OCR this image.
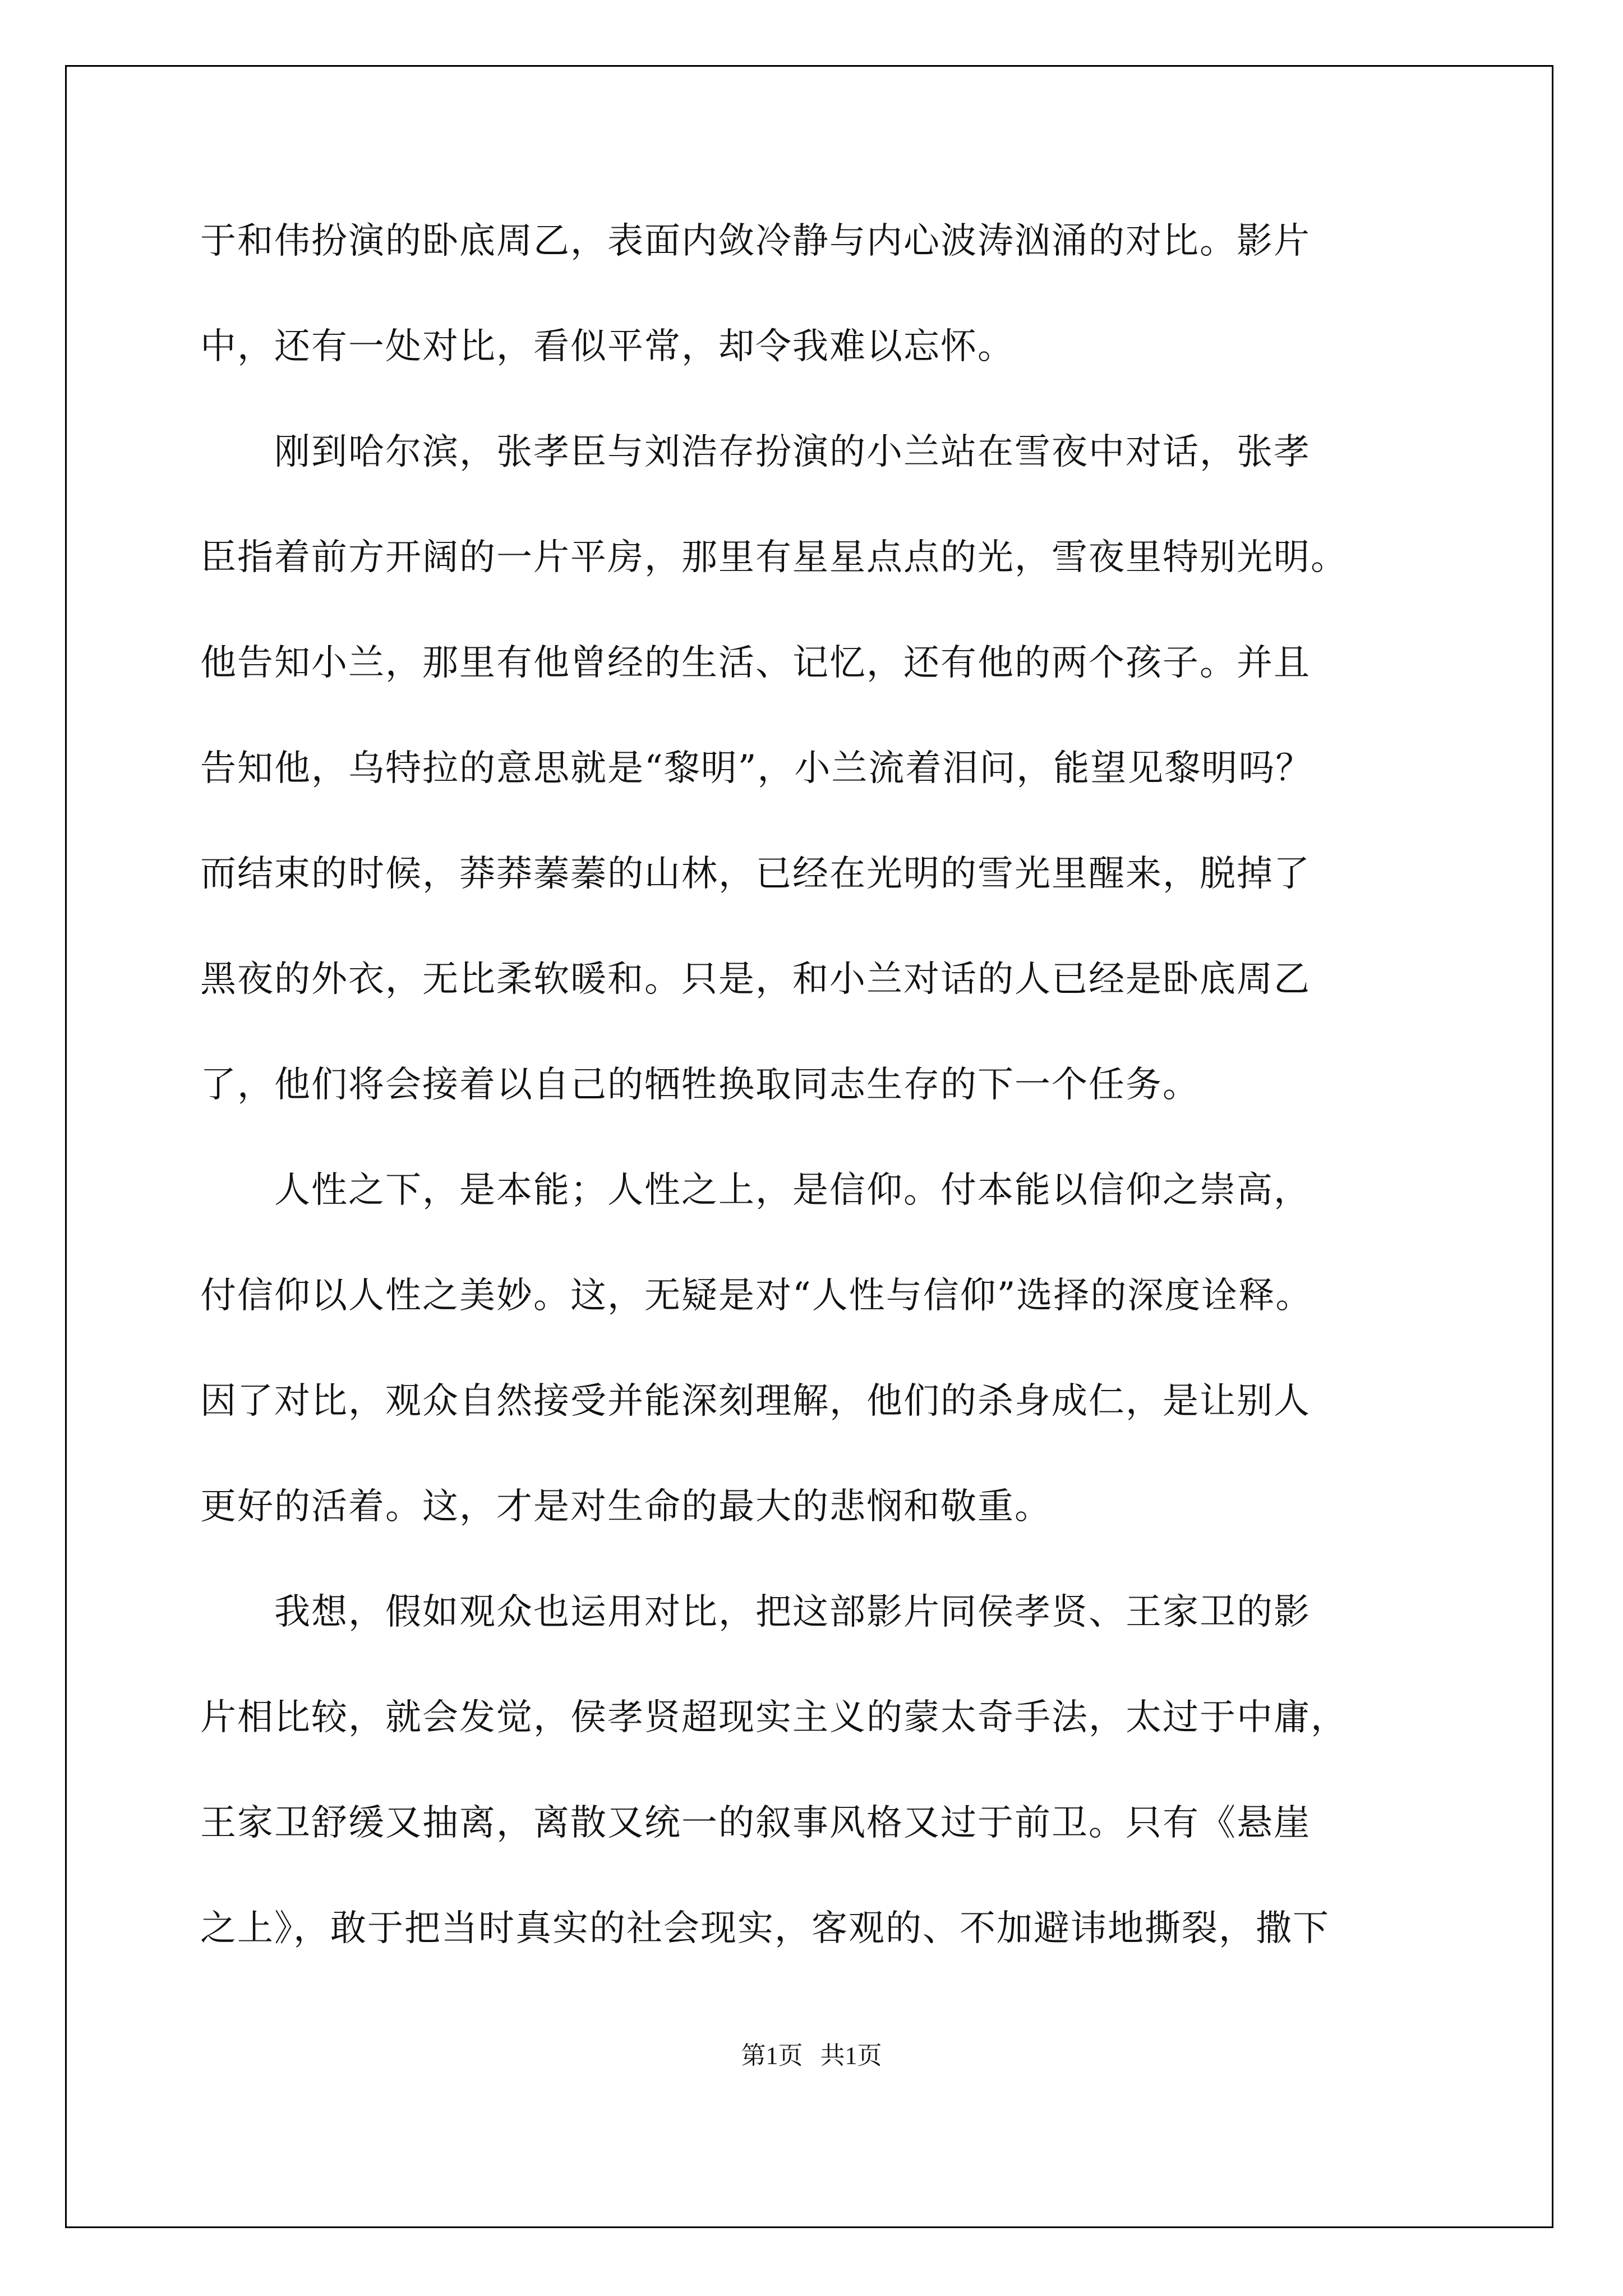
于和伟扮演的卧底周乙，表面内敛冷静与内心波涛汹涌的对比。影片
中，还有一处对比，看似平常，却令我难以忘怀。
　　刚到哈尔滨，张孝臣与刘浩存扮演的小兰站在雪夜中对话，张孝
臣指着前方开阔的一片平房，那里有星星点点的光，雪夜里特别光明。
他告知小兰，那里有他曾经的生活、记忆，还有他的两个孩子。并且
告知他，乌特拉的意思就是“黎明”，小兰流着泪问，能望见黎明吗？
而结束的时候，莽莽蓁蓁的山林，已经在光明的雪光里醒来，脱掉了
黑夜的外衣，无比柔软暖和。只是，和小兰对话的人已经是卧底周乙
了，他们将会接着以自己的牺牲换取同志生存的下一个任务。
　　人性之下，是本能；人性之上，是信仰。付本能以信仰之崇高，
付信仰以人性之美妙。这，无疑是对“人性与信仰”选择的深度诠释。
因了对比，观众自然接受并能深刻理解，他们的杀身成仁，是让别人
更好的活着。这，才是对生命的最大的悲悯和敬重。
　　我想，假如观众也运用对比，把这部影片同侯孝贤、王家卫的影
片相比较，就会发觉，侯孝贤超现实主义的蒙太奇手法，太过于中庸，
王家卫舒缓又抽离，离散又统一的叙事风格又过于前卫。只有《悬崖
之上》，敢于把当时真实的社会现实，客观的、不加避讳地撕裂，撒下
第1页 共1页
